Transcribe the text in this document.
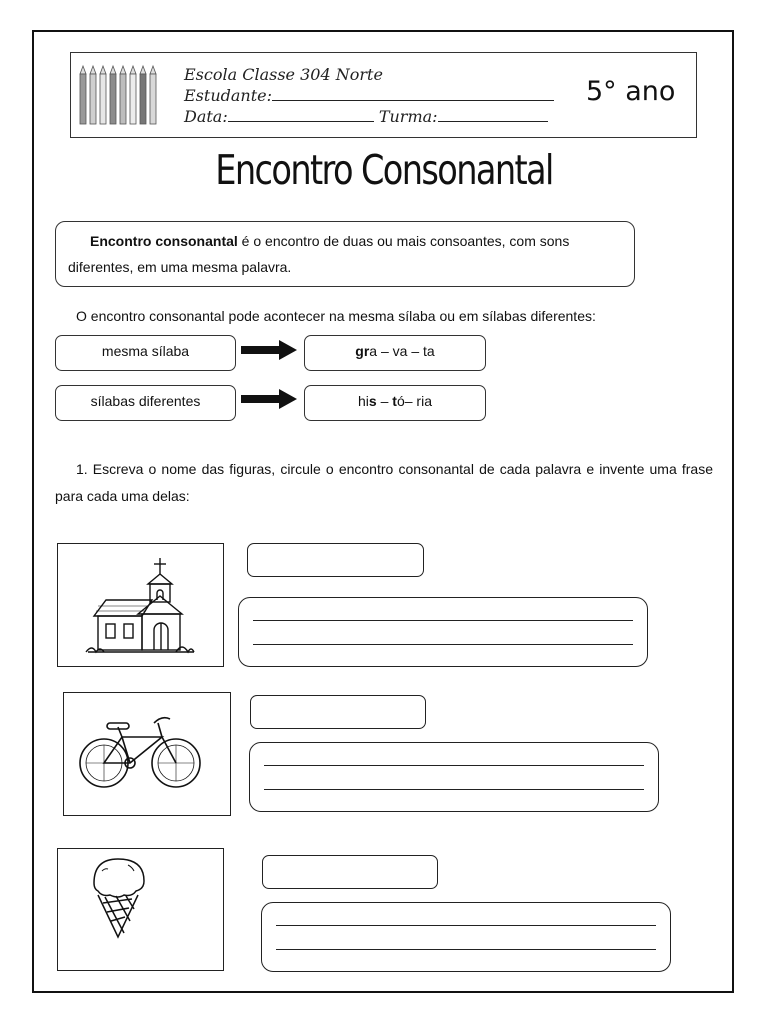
Escola Classe 304 Norte
Estudante:
Data:	Turma:
5° ano
Encontro Consonantal
Encontro consonantal é o encontro de duas ou mais consoantes, com sons
diferentes, em uma mesma palavra.
O encontro consonantal pode acontecer na mesma sílaba ou em sílabas diferentes:
mesma sílaba	gra – va – ta
sílabas diferentes	his – tó– ria
1. Escreva o nome das figuras, circule o encontro consonantal de cada palavra e invente uma frase para cada uma delas:
